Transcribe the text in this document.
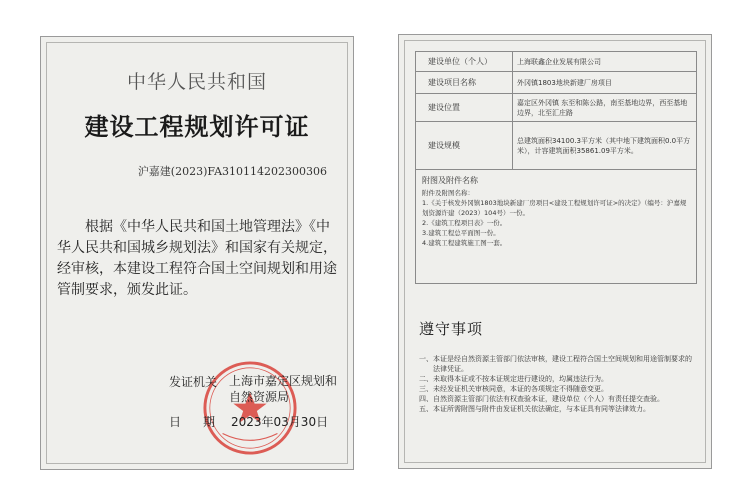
中华人民共和国
建设工程规划许可证
沪嘉建(2023)FA310114202300306
根据《中华人民共和国土地管理法》《中华人民共和国城乡规划法》和国家有关规定，经审核，本建设工程符合国土空间规划和用途管制要求，颁发此证。
发证机关 上海市嘉定区规划和自然资源局
日期
2023年03月30日
建设单位（个人）	上海联鑫企业发展有限公司
建设项目名称	外冈镇1803地块新建厂房项目
建设位置	嘉定区外冈镇 东至和陈公路，南至基地边界，西至基地边界，北至汇庄路
建设规模	总建筑面积34100.3平方米（其中地下建筑面积0.0平方米），计容建筑面积35861.09平方米。
附图及附件名称
附件及附图名称：
1.《关于核发外冈镇1803地块新建厂房项目<建设工程规划许可证>的决定》（编号：沪嘉规划资源许建（2023）104号）一份。
2.《建筑工程项目表》一份。
3.建筑工程总平面图一份。
4.建筑工程建筑施工图一套。
遵守事项
一、本证是经自然资源主管部门依法审核，建设工程符合国土空间规划和用途管制要求的法律凭证。
二、未取得本证或不按本证规定进行建设的，均属违法行为。
三、未经发证机关审核同意，本证的各项规定不得随意变更。
四、自然资源主管部门依法有权查验本证，建设单位（个人）有责任提交查验。
五、本证所需附图与附件由发证机关依法确定，与本证具有同等法律效力。
